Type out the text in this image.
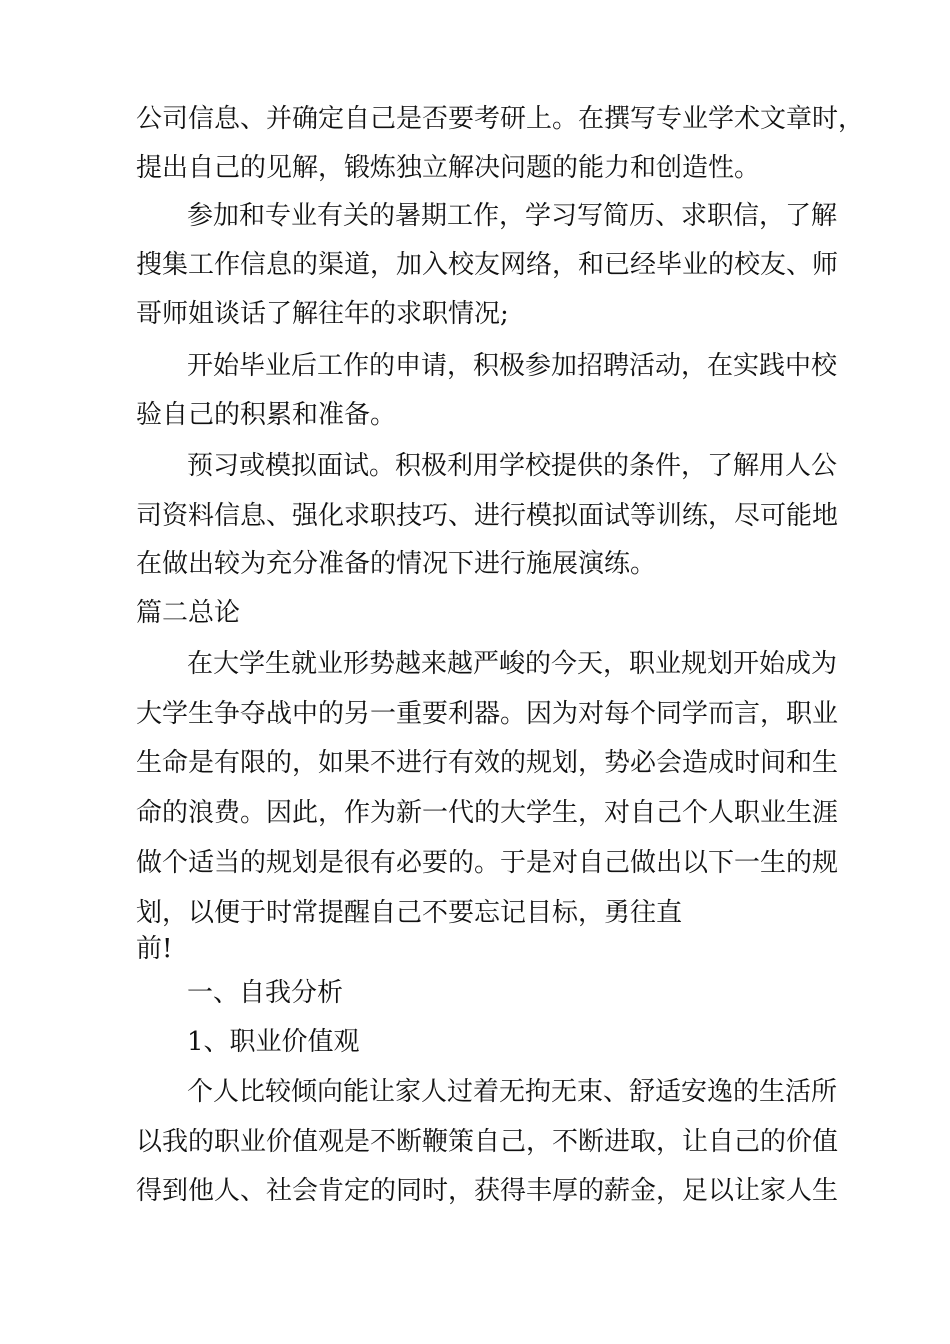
公司信息、并确定自己是否要考研上。在撰写专业学术文章时，
提出自己的见解，锻炼独立解决问题的能力和创造性。
参加和专业有关的暑期工作，学习写简历、求职信，了解
搜集工作信息的渠道，加入校友网络，和已经毕业的校友、师
哥师姐谈话了解往年的求职情况;
开始毕业后工作的申请，积极参加招聘活动，在实践中校
验自己的积累和准备。
预习或模拟面试。积极利用学校提供的条件，了解用人公
司资料信息、强化求职技巧、进行模拟面试等训练，尽可能地
在做出较为充分准备的情况下进行施展演练。
篇二总论
在大学生就业形势越来越严峻的今天，职业规划开始成为
大学生争夺战中的另一重要利器。因为对每个同学而言，职业
生命是有限的，如果不进行有效的规划，势必会造成时间和生
命的浪费。因此，作为新一代的大学生，对自己个人职业生涯
做个适当的规划是很有必要的。于是对自己做出以下一生的规
划，以便于时常提醒自己不要忘记目标，勇往直
前!
一、自我分析
1、职业价值观
个人比较倾向能让家人过着无拘无束、舒适安逸的生活所
以我的职业价值观是不断鞭策自己，不断进取，让自己的价值
得到他人、社会肯定的同时，获得丰厚的薪金，足以让家人生
